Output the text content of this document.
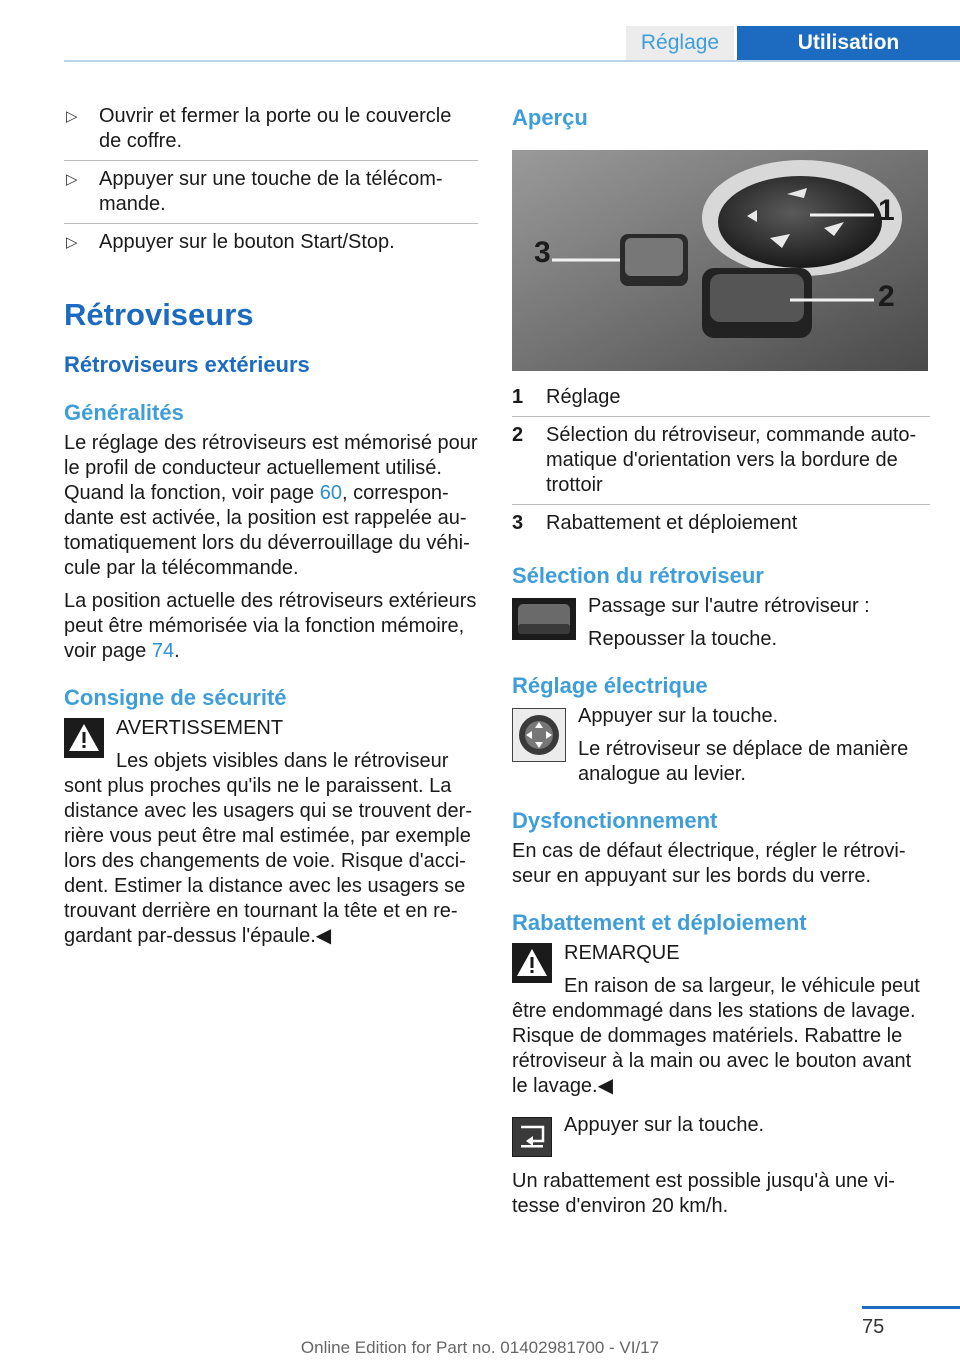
Réglage	Utilisation
▷ Ouvrir et fermer la porte ou le couvercle de coffre.
▷ Appuyer sur une touche de la télécom‐ mande.
▷ Appuyer sur le bouton Start/Stop.
Rétroviseurs
Rétroviseurs extérieurs
Généralités

Le réglage des rétroviseurs est mémorisé pour le profil de conducteur actuellement utilisé. Quand la fonction, voir page 60, correspon‐ dante est activée, la position est rappelée au‐ tomatiquement lors du déverrouillage du véhi‐ cule par la télécommande.

La position actuelle des rétroviseurs extérieurs peut être mémorisée via la fonction mémoire, voir page 74.

Consigne de sécurité

AVERTISSEMENT

Les objets visibles dans le rétroviseur sont plus proches qu'ils ne le paraissent. La distance avec les usagers qui se trouvent der‐ rière vous peut être mal estimée, par exemple lors des changements de voie. Risque d'acci‐ dent. Estimer la distance avec les usagers se trouvant derrière en tournant la tête et en re‐ gardant par-dessus l'épaule.◀

Aperçu
3
1
2
1 Réglage
2 Sélection du rétroviseur, commande auto‐ matique d'orientation vers la bordure de trottoir
3 Rabattement et déploiement
Sélection du rétroviseur

Passage sur l'autre rétroviseur :

Repousser la touche.

Réglage électrique

Appuyer sur la touche.

Le rétroviseur se déplace de manière analogue au levier.

Dysfonctionnement

En cas de défaut électrique, régler le rétrovi‐ seur en appuyant sur les bords du verre.

Rabattement et déploiement

REMARQUE

En raison de sa largeur, le véhicule peut être endommagé dans les stations de lavage. Risque de dommages matériels. Rabattre le rétroviseur à la main ou avec le bouton avant le lavage.◀

Appuyer sur la touche.

Un rabattement est possible jusqu'à une vi‐ tesse d'environ 20 km/h.

75
Online Edition for Part no. 01402981700 - VI/17
